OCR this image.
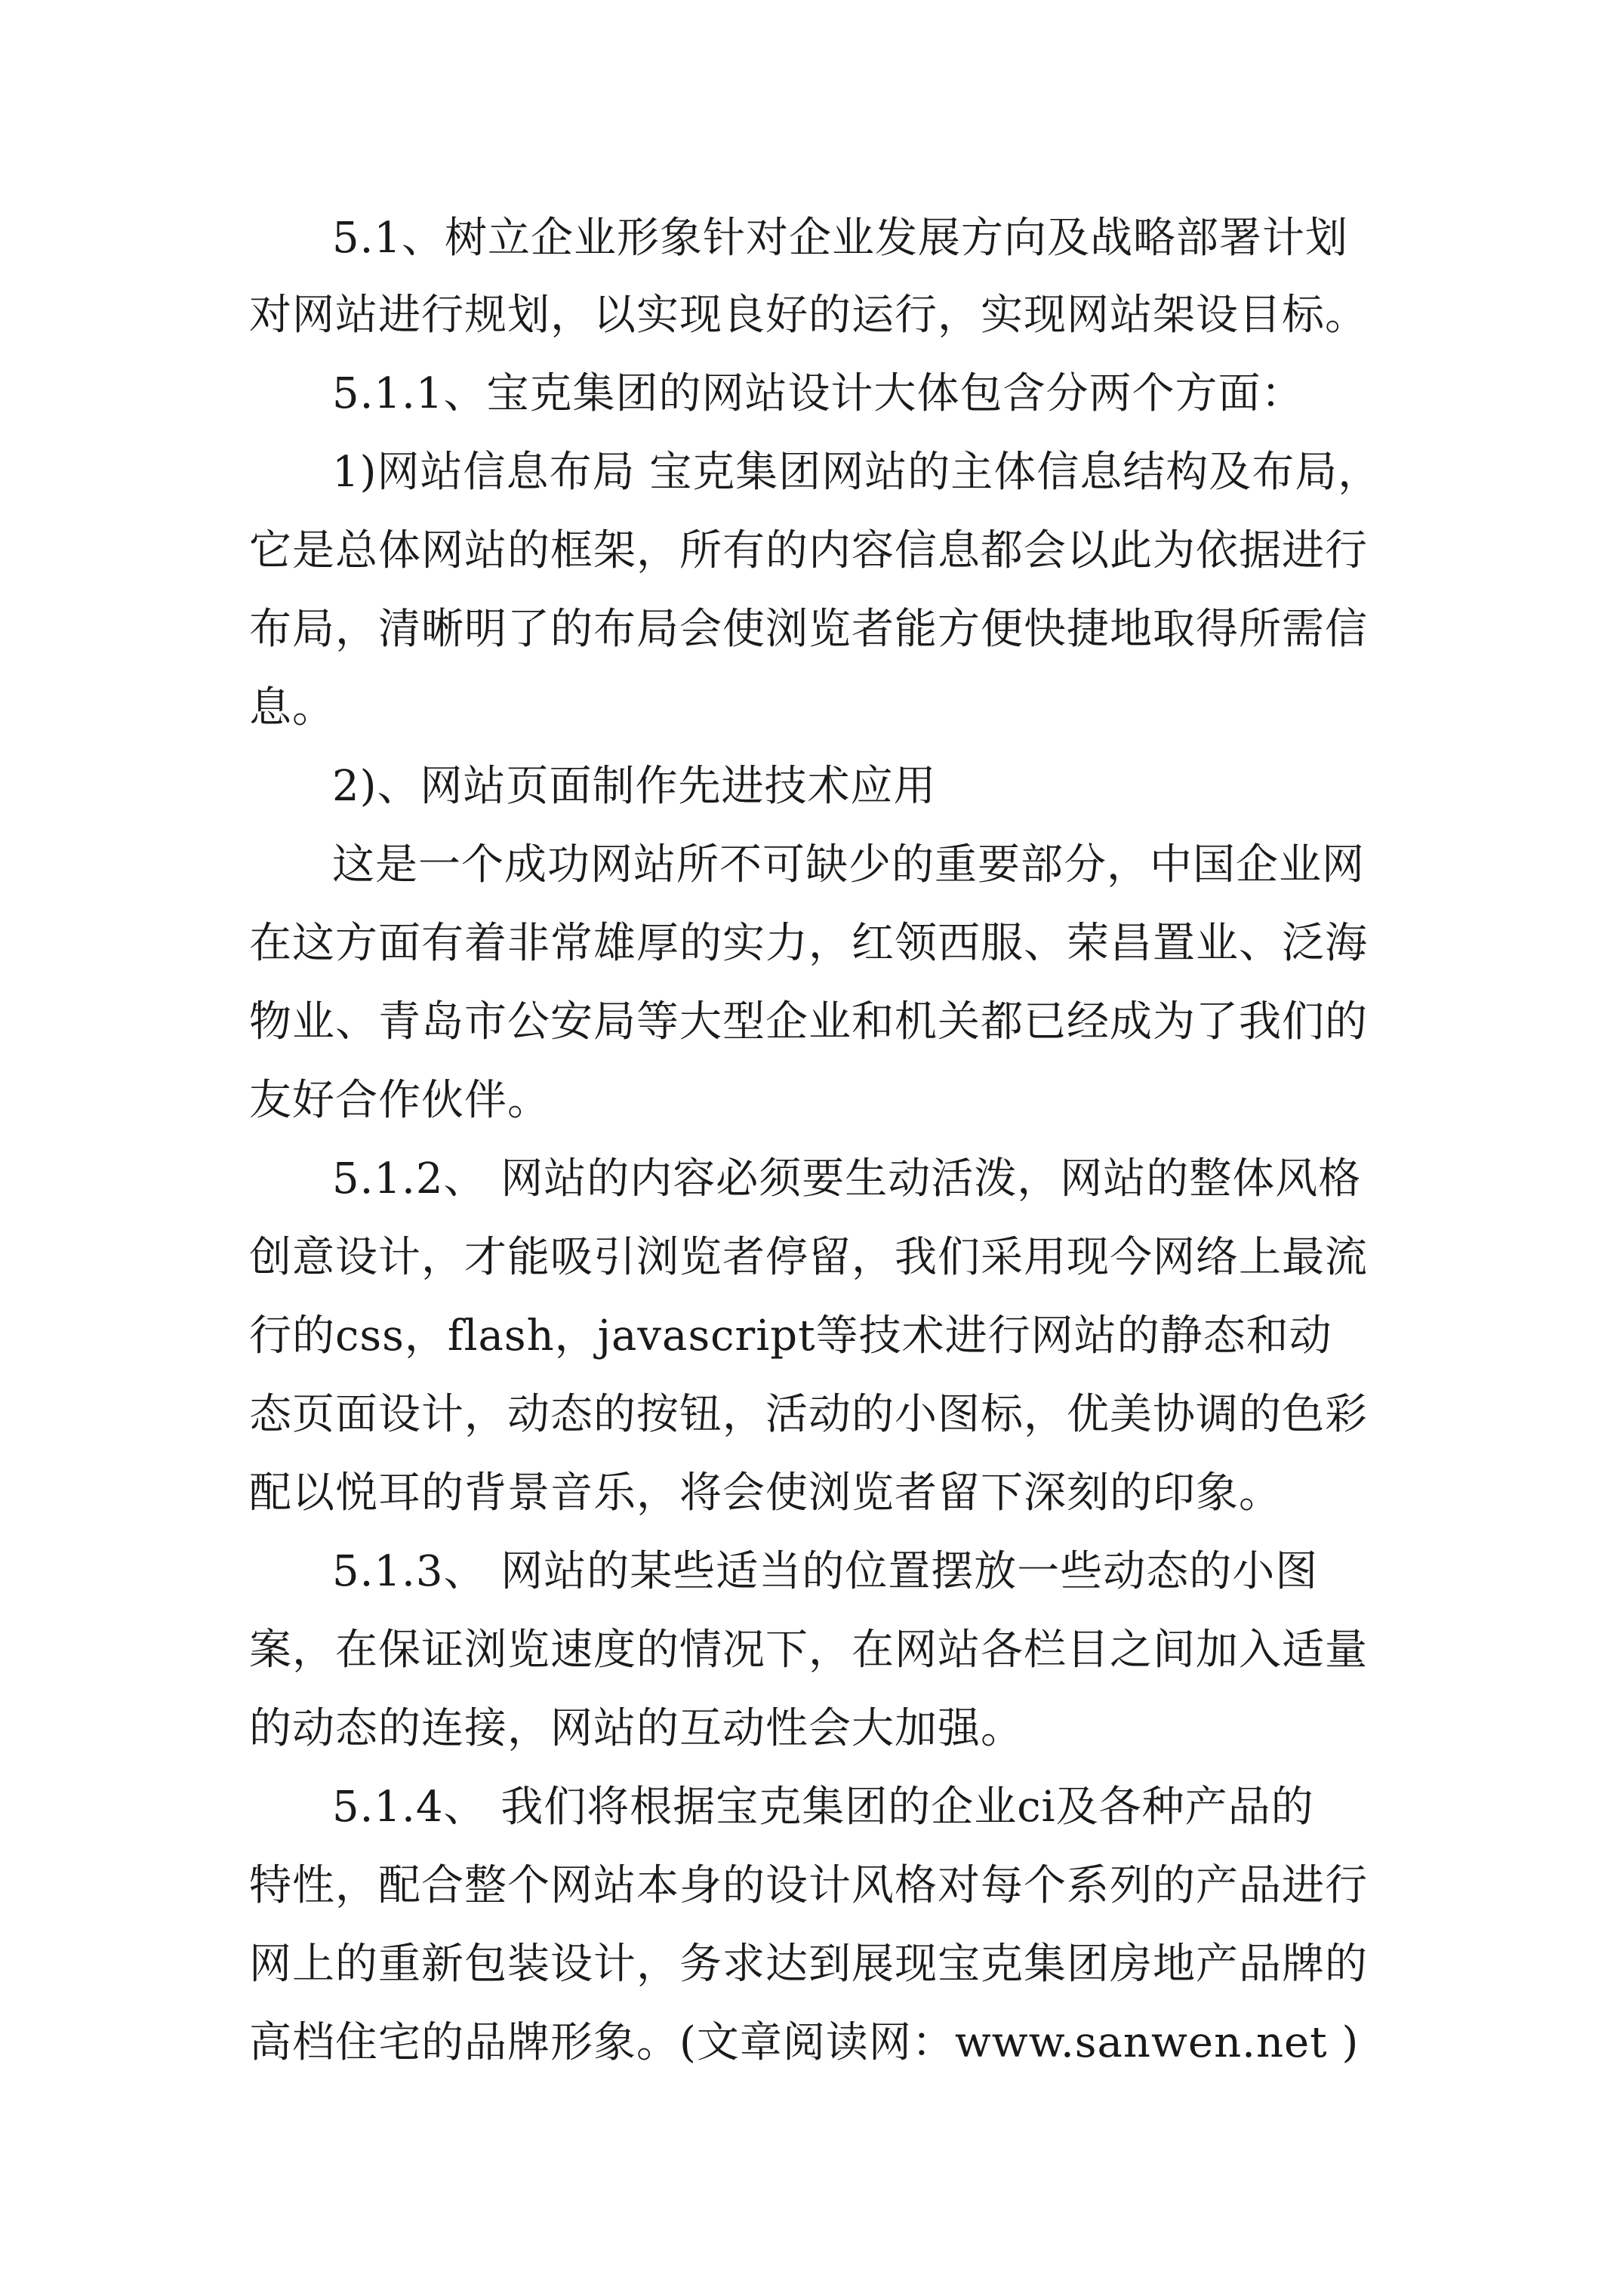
5.1、树立企业形象针对企业发展方向及战略部署计划

对网站进行规划，以实现良好的运行，实现网站架设目标。

5.1.1、宝克集团的网站设计大体包含分两个方面：

1)网站信息布局 宝克集团网站的主体信息结构及布局，

它是总体网站的框架，所有的内容信息都会以此为依据进行

布局，清晰明了的布局会使浏览者能方便快捷地取得所需信

息。

2)、网站页面制作先进技术应用

这是一个成功网站所不可缺少的重要部分，中国企业网

在这方面有着非常雄厚的实力，红领西服、荣昌置业、泛海

物业、青岛市公安局等大型企业和机关都已经成为了我们的

友好合作伙伴。

5.1.2、 网站的内容必须要生动活泼，网站的整体风格

创意设计，才能吸引浏览者停留，我们采用现今网络上最流

行的css，flash，javascript等技术进行网站的静态和动

态页面设计，动态的按钮，活动的小图标，优美协调的色彩

配以悦耳的背景音乐，将会使浏览者留下深刻的印象。

5.1.3、 网站的某些适当的位置摆放一些动态的小图

案，在保证浏览速度的情况下，在网站各栏目之间加入适量

的动态的连接，网站的互动性会大加强。

5.1.4、 我们将根据宝克集团的企业ci及各种产品的

特性，配合整个网站本身的设计风格对每个系列的产品进行

网上的重新包装设计，务求达到展现宝克集团房地产品牌的

高档住宅的品牌形象。(文章阅读网：www.sanwen.net )
